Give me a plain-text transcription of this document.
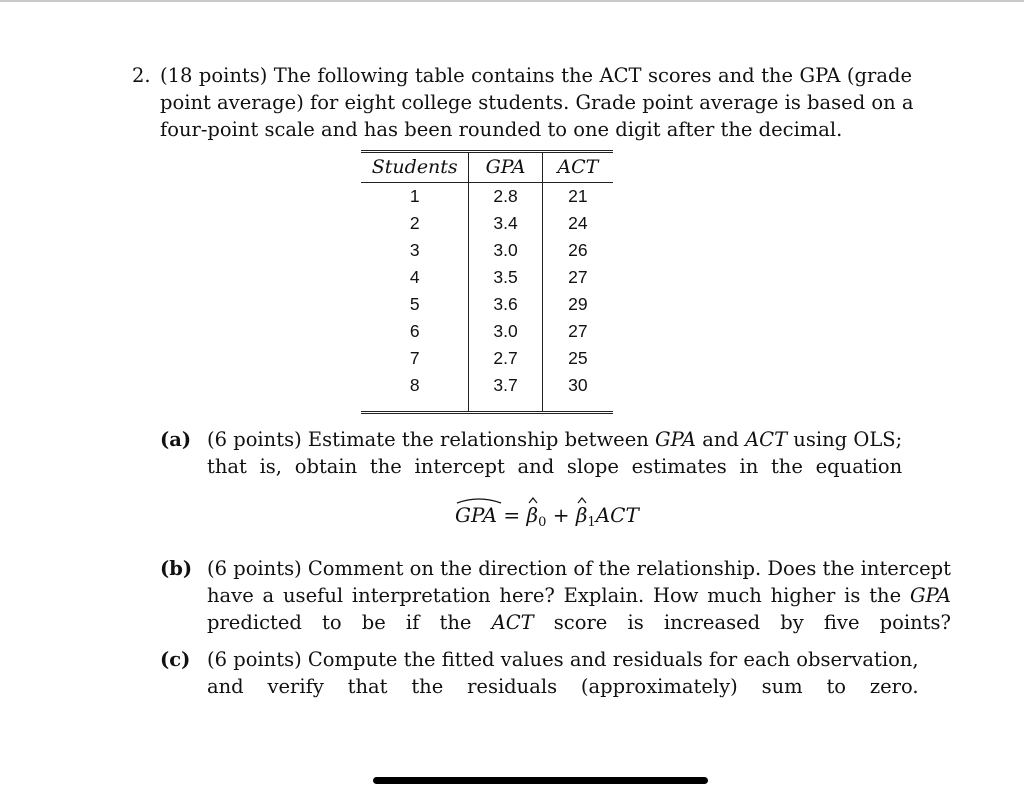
2. (18 points) The following table contains the ACT scores and the GPA (grade
point average) for eight college students. Grade point average is based on a
four-point scale and has been rounded to one digit after the decimal.

Students	GPA	ACT
1	2.8	21
2	3.4	24
3	3.0	26
4	3.5	27
5	3.6	29
6	3.0	27
7	2.7	25
8	3.7	30

(a) (6 points) Estimate the relationship between GPA and ACT using OLS;
that is, obtain the intercept and slope estimates in the equation
GPA =
$\beta_0$ +
$\beta_1ACT$
(b) (6 points) Comment on the direction of the relationship. Does the intercept
have a useful interpretation here? Explain. How much higher is the GPA
predicted to be if the ACT score is increased by five points?
(c) (6 points) Compute the fitted values and residuals for each observation,
and verify that the residuals (approximately) sum to zero.
